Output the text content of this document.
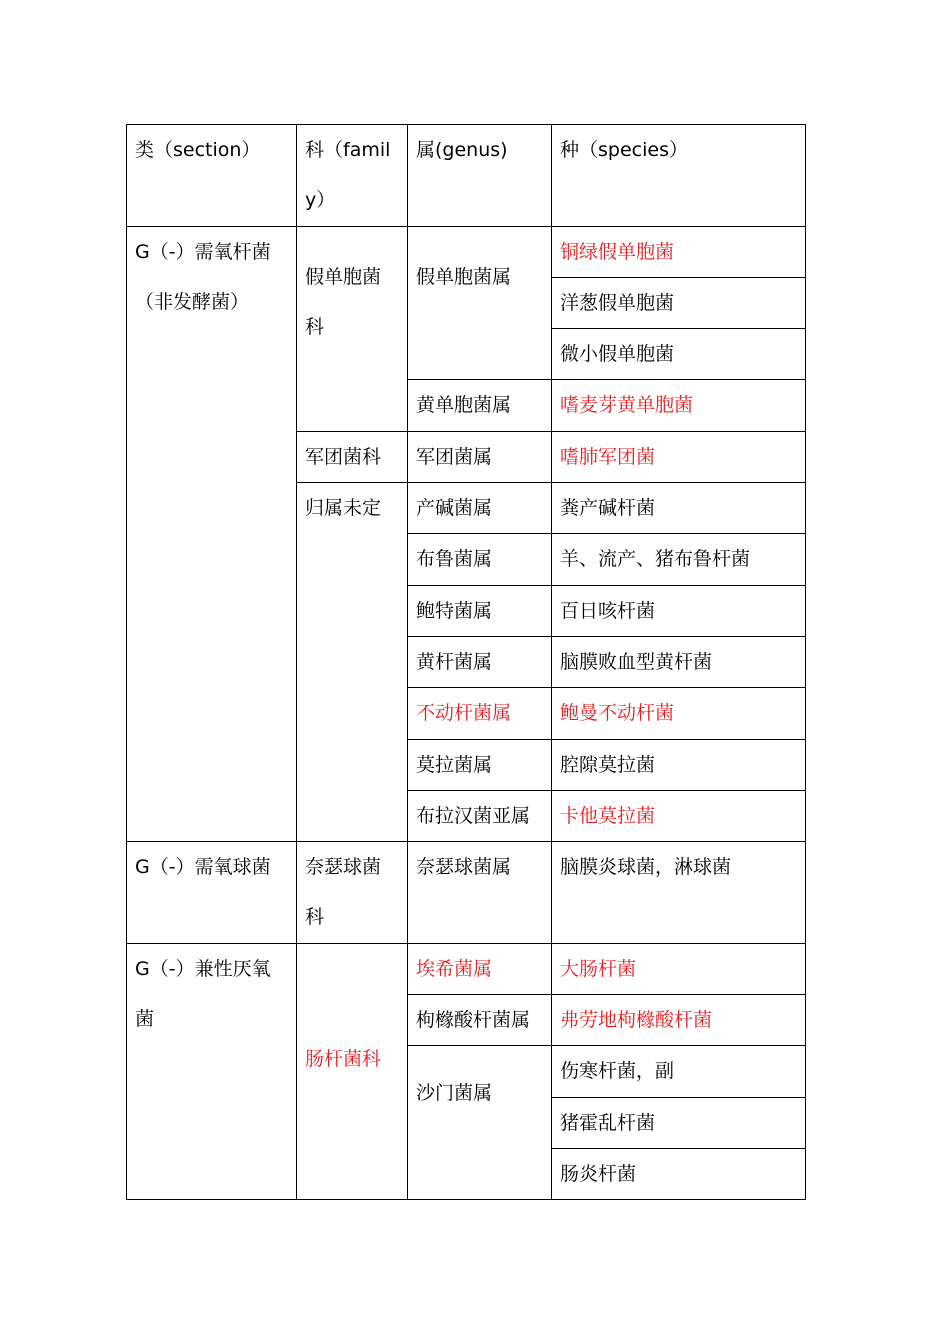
类（section）	科（family）	属(genus)	种（species）
G（-）需氧杆菌（非发酵菌）	假单胞菌科	假单胞菌属	铜绿假单胞菌
			洋葱假单胞菌
			微小假单胞菌
		黄单胞菌属	嗜麦芽黄单胞菌
	军团菌科	军团菌属	嗜肺军团菌
	归属未定	产碱菌属	粪产碱杆菌
		布鲁菌属	羊、流产、猪布鲁杆菌
		鲍特菌属	百日咳杆菌
		黄杆菌属	脑膜败血型黄杆菌
		不动杆菌属	鲍曼不动杆菌
		莫拉菌属	腔隙莫拉菌
		布拉汉菌亚属	卡他莫拉菌
G（-）需氧球菌	奈瑟球菌科	奈瑟球菌属	脑膜炎球菌，淋球菌
G（-）兼性厌氧菌	肠杆菌科	埃希菌属	大肠杆菌
		枸橼酸杆菌属	弗劳地枸橼酸杆菌
		沙门菌属	伤寒杆菌，副
			猪霍乱杆菌
			肠炎杆菌
